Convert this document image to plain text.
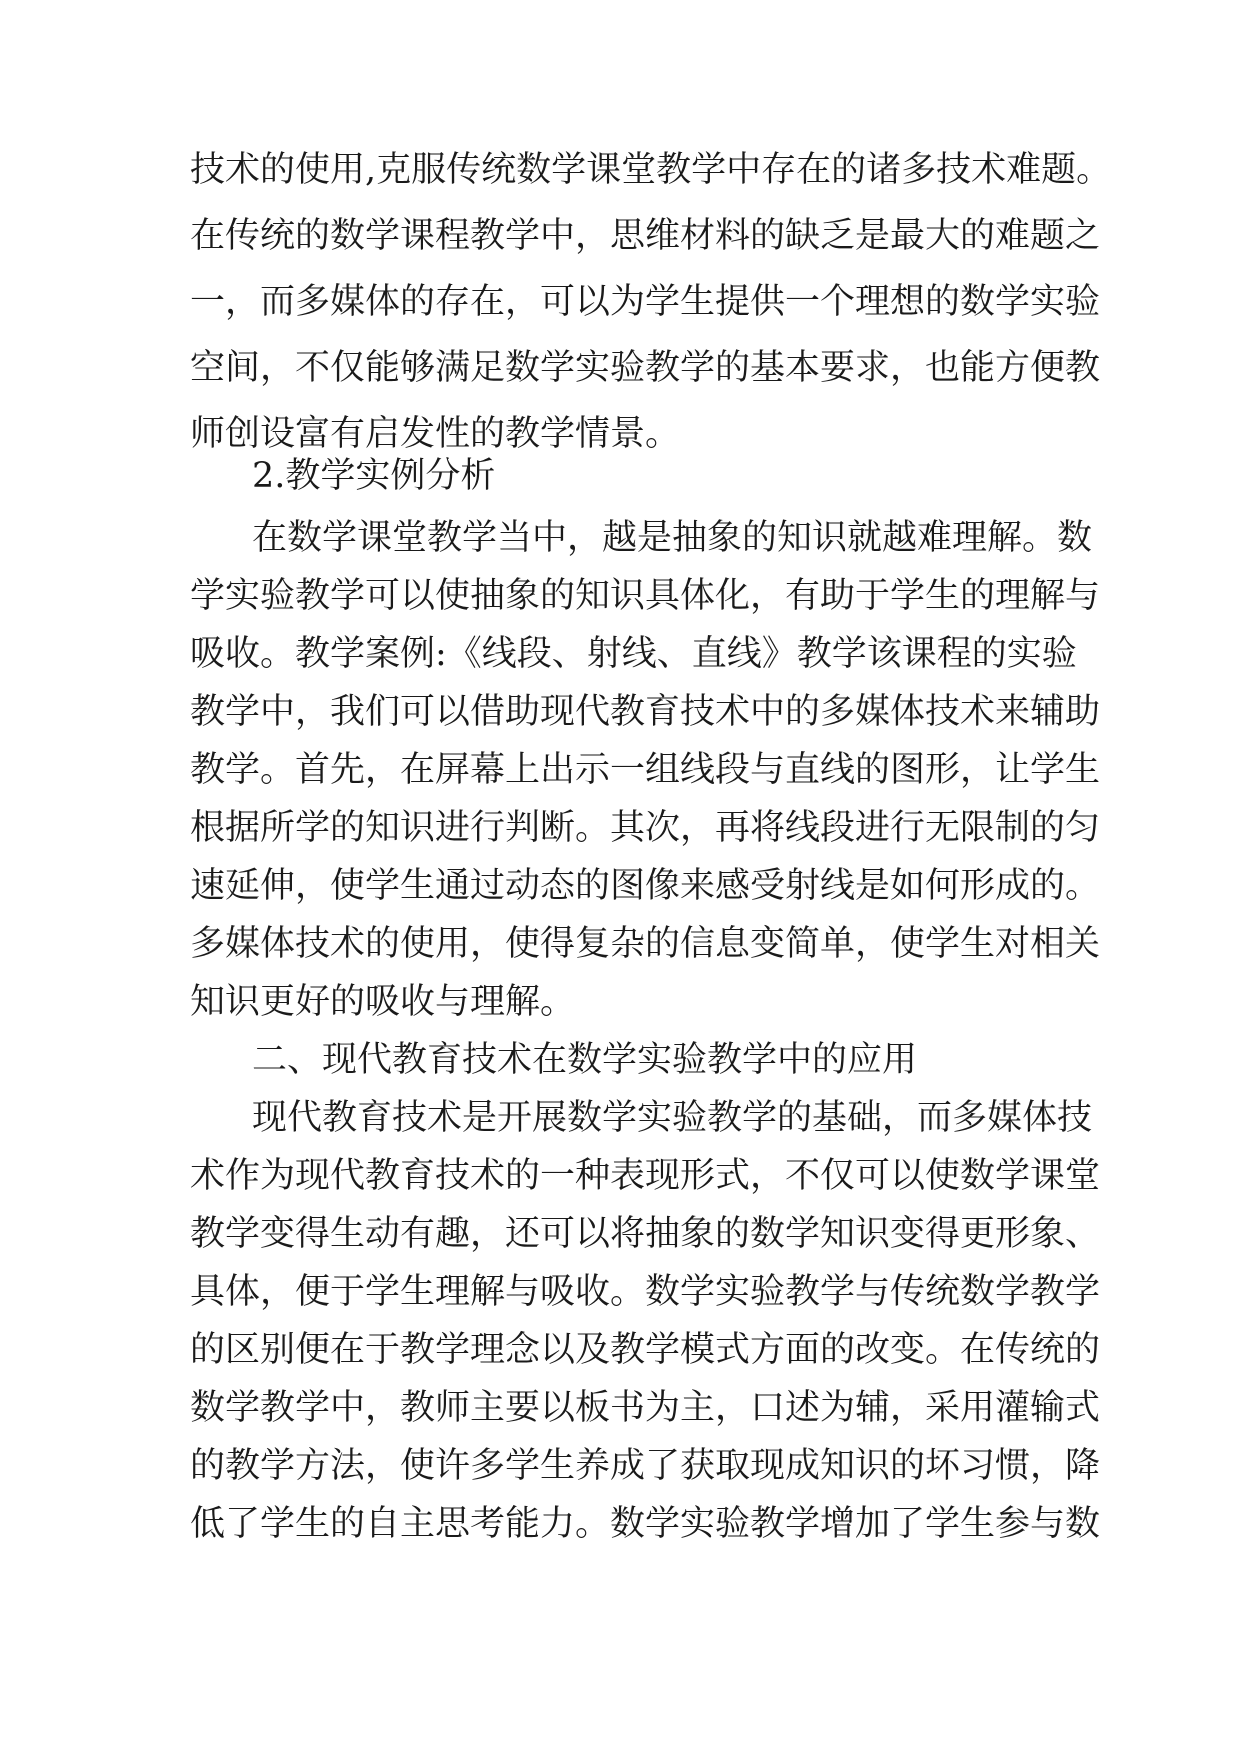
技术的使用,克服传统数学课堂教学中存在的诸多技术难题。
在传统的数学课程教学中，思维材料的缺乏是最大的难题之
一，而多媒体的存在，可以为学生提供一个理想的数学实验
空间，不仅能够满足数学实验教学的基本要求，也能方便教
师创设富有启发性的教学情景。
2.教学实例分析
在数学课堂教学当中，越是抽象的知识就越难理解。数
学实验教学可以使抽象的知识具体化，有助于学生的理解与
吸收。教学案例:《线段、射线、直线》教学该课程的实验
教学中，我们可以借助现代教育技术中的多媒体技术来辅助
教学。首先，在屏幕上出示一组线段与直线的图形，让学生
根据所学的知识进行判断。其次，再将线段进行无限制的匀
速延伸，使学生通过动态的图像来感受射线是如何形成的。
多媒体技术的使用，使得复杂的信息变简单，使学生对相关
知识更好的吸收与理解。
二、现代教育技术在数学实验教学中的应用
现代教育技术是开展数学实验教学的基础，而多媒体技
术作为现代教育技术的一种表现形式，不仅可以使数学课堂
教学变得生动有趣，还可以将抽象的数学知识变得更形象、
具体，便于学生理解与吸收。数学实验教学与传统数学教学
的区别便在于教学理念以及教学模式方面的改变。在传统的
数学教学中，教师主要以板书为主，口述为辅，采用灌输式
的教学方法，使许多学生养成了获取现成知识的坏习惯，降
低了学生的自主思考能力。数学实验教学增加了学生参与数
